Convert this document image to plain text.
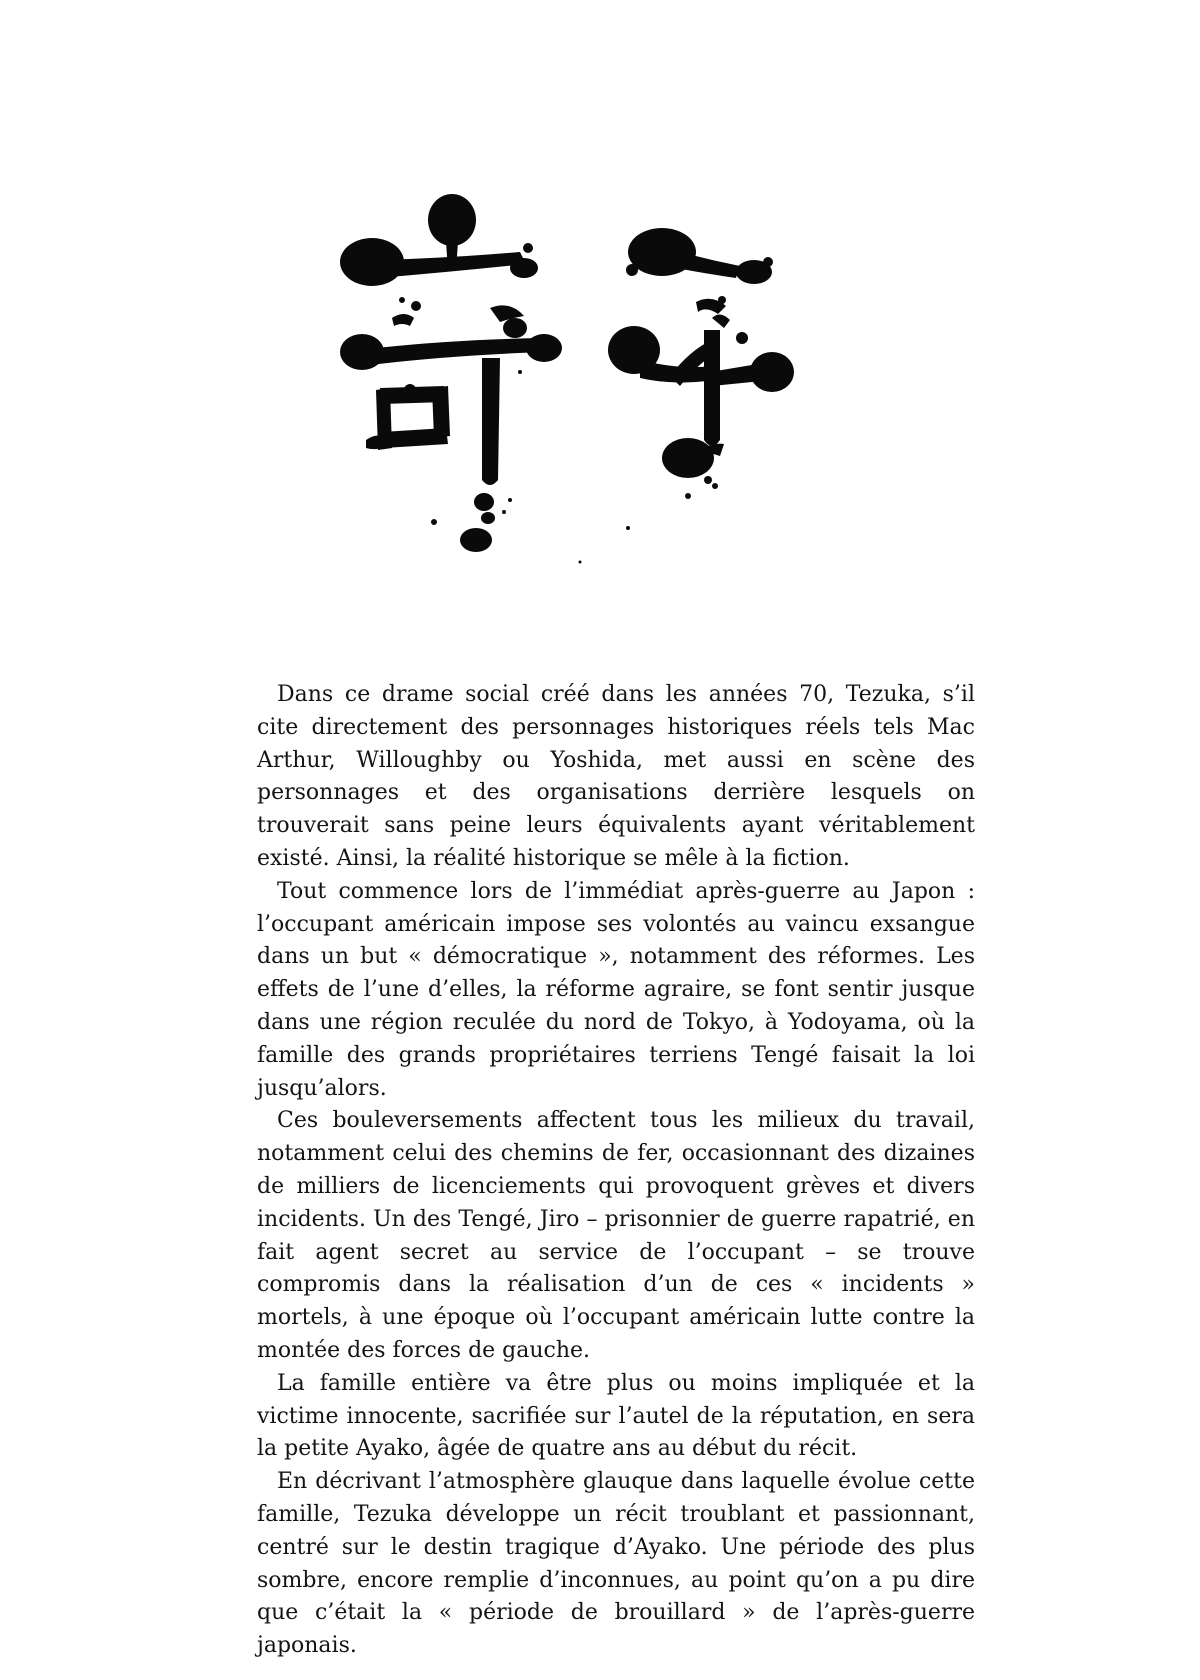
Dans ce drame social créé dans les années 70, Tezuka, s’il cite directement des personnages historiques réels tels Mac Arthur, Willoughby ou Yoshida, met aussi en scène des personnages et des organisations derrière lesquels on trouverait sans peine leurs équivalents ayant véritablement existé. Ainsi, la réalité historique se mêle à la fiction.

Tout commence lors de l’immédiat après-guerre au Japon : l’occupant américain impose ses volontés au vaincu exsangue dans un but « démocratique », notamment des réformes. Les effets de l’une d’elles, la réforme agraire, se font sentir jusque dans une région reculée du nord de Tokyo, à Yodoyama, où la famille des grands propriétaires terriens Tengé faisait la loi jusqu’alors.

Ces bouleversements affectent tous les milieux du travail, notamment celui des chemins de fer, occasionnant des dizaines de milliers de licenciements qui provoquent grèves et divers incidents. Un des Tengé, Jiro – prisonnier de guerre rapatrié, en fait agent secret au service de l’occupant – se trouve compromis dans la réalisation d’un de ces « incidents » mortels, à une époque où l’occupant américain lutte contre la montée des forces de gauche.

La famille entière va être plus ou moins impliquée et la victime innocente, sacrifiée sur l’autel de la réputation, en sera la petite Ayako, âgée de quatre ans au début du récit.

En décrivant l’atmosphère glauque dans laquelle évolue cette famille, Tezuka développe un récit troublant et passionnant, centré sur le destin tragique d’Ayako. Une période des plus sombre, encore remplie d’inconnues, au point qu’on a pu dire que c’était la « période de brouillard » de l’après-guerre japonais.
